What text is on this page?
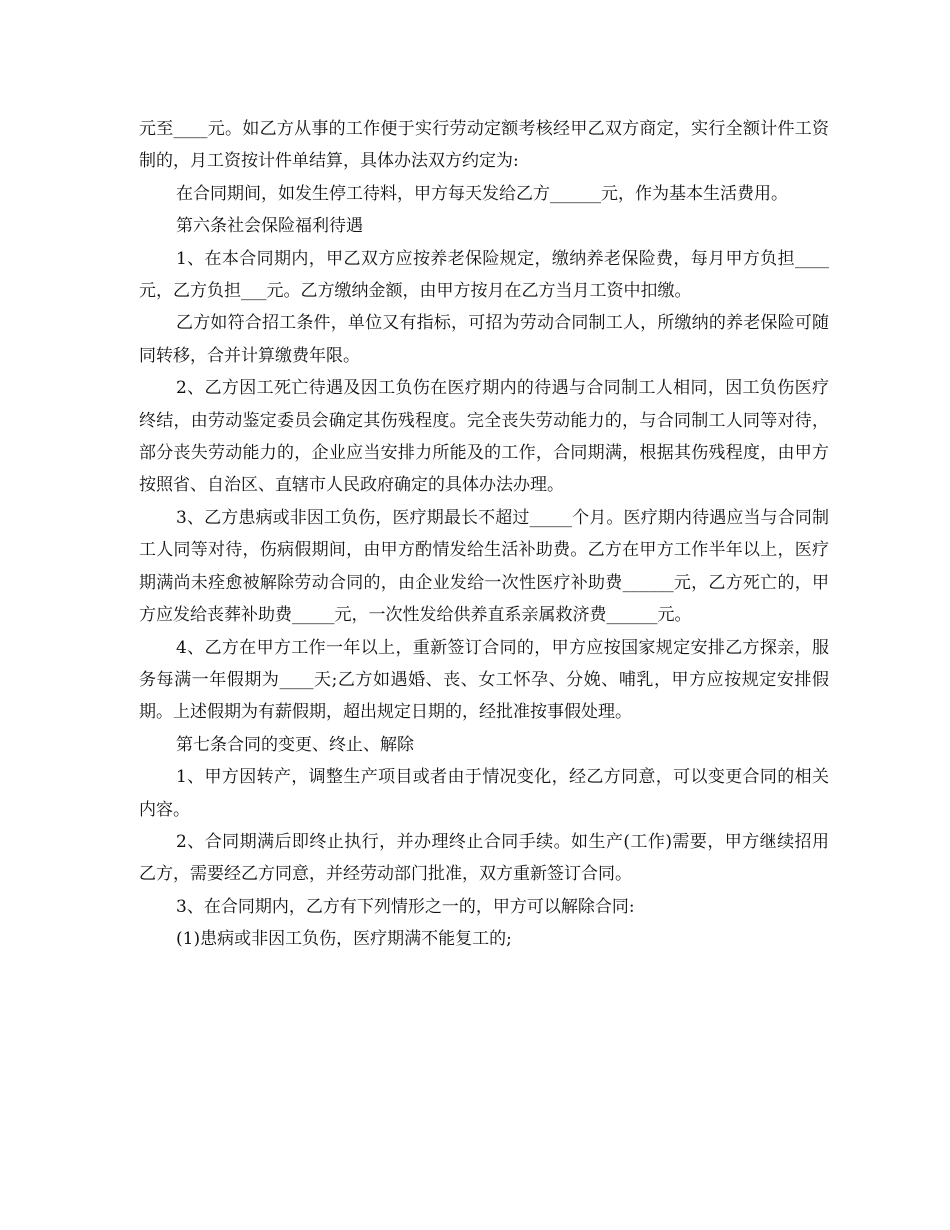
元至____元。如乙方从事的工作便于实行劳动定额考核经甲乙双方商定，实行全额计件工资制的，月工资按计件单结算，具体办法双方约定为:

在合同期间，如发生停工待料，甲方每天发给乙方______元，作为基本生活费用。

第六条社会保险福利待遇

1、在本合同期内，甲乙双方应按养老保险规定，缴纳养老保险费，每月甲方负担____元，乙方负担___元。乙方缴纳金额，由甲方按月在乙方当月工资中扣缴。

乙方如符合招工条件，单位又有指标，可招为劳动合同制工人，所缴纳的养老保险可随同转移，合并计算缴费年限。

2、乙方因工死亡待遇及因工负伤在医疗期内的待遇与合同制工人相同，因工负伤医疗终结，由劳动鉴定委员会确定其伤残程度。完全丧失劳动能力的，与合同制工人同等对待，部分丧失劳动能力的，企业应当安排力所能及的工作，合同期满，根据其伤残程度，由甲方按照省、自治区、直辖市人民政府确定的具体办法办理。

3、乙方患病或非因工负伤，医疗期最长不超过_____个月。医疗期内待遇应当与合同制工人同等对待，伤病假期间，由甲方酌情发给生活补助费。乙方在甲方工作半年以上，医疗期满尚未痊愈被解除劳动合同的，由企业发给一次性医疗补助费______元，乙方死亡的，甲方应发给丧葬补助费_____元，一次性发给供养直系亲属救济费______元。

4、乙方在甲方工作一年以上，重新签订合同的，甲方应按国家规定安排乙方探亲，服务每满一年假期为____天;乙方如遇婚、丧、女工怀孕、分娩、哺乳，甲方应按规定安排假期。上述假期为有薪假期，超出规定日期的，经批准按事假处理。

第七条合同的变更、终止、解除

1、甲方因转产，调整生产项目或者由于情况变化，经乙方同意，可以变更合同的相关内容。

2、合同期满后即终止执行，并办理终止合同手续。如生产(工作)需要，甲方继续招用乙方，需要经乙方同意，并经劳动部门批准，双方重新签订合同。

3、在合同期内，乙方有下列情形之一的，甲方可以解除合同:

(1)患病或非因工负伤，医疗期满不能复工的;
